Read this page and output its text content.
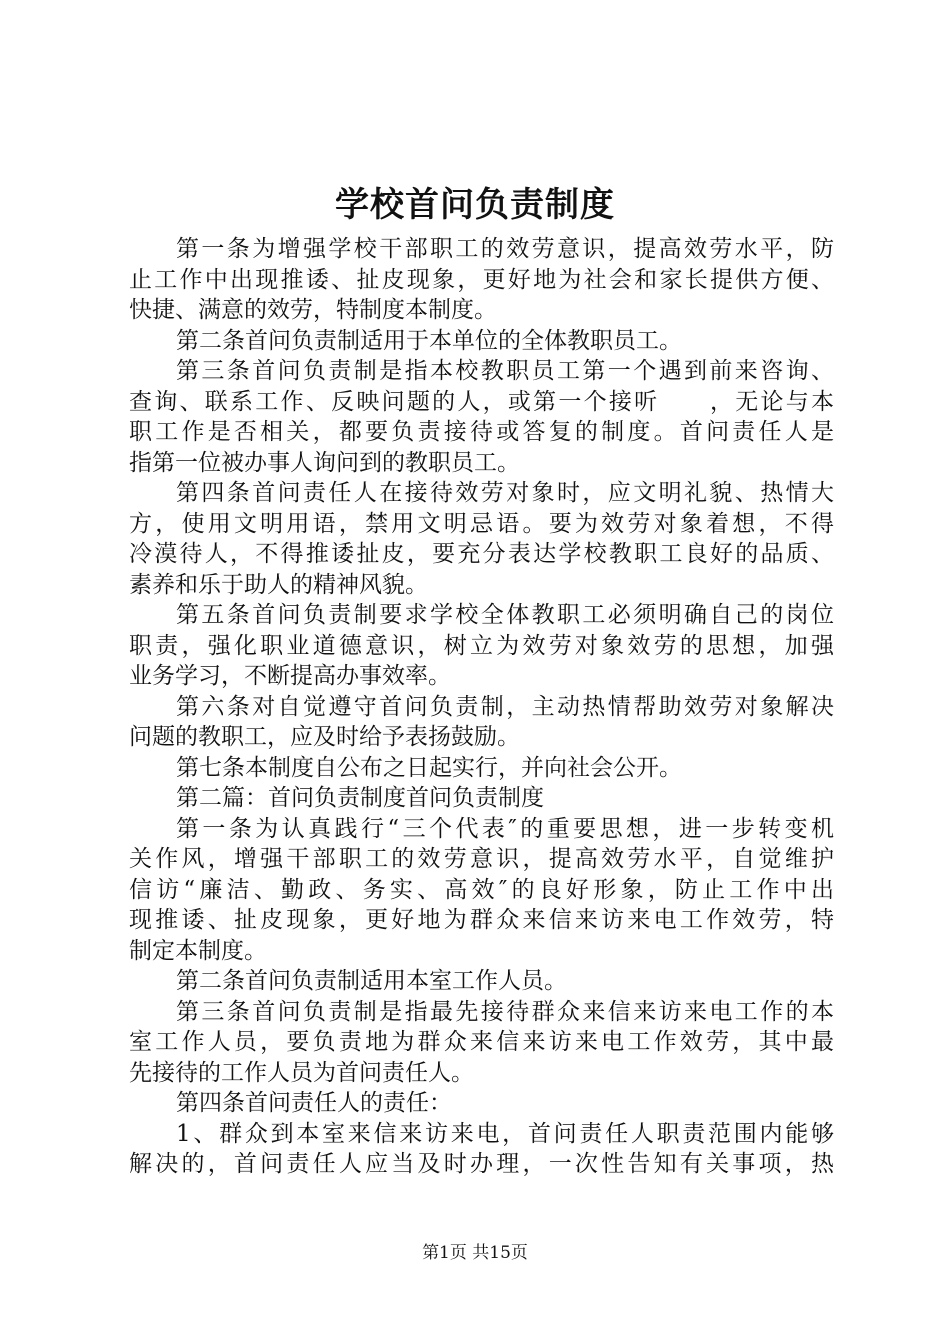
学校首问负责制度
第一条为增强学校干部职工的效劳意识，提高效劳水平，防
止工作中出现推诿、扯皮现象，更好地为社会和家长提供方便、
快捷、满意的效劳，特制度本制度。
第二条首问负责制适用于本单位的全体教职员工。
第三条首问负责制是指本校教职员工第一个遇到前来咨询、
查询、联系工作、反映问题的人，或第一个接听　　，无论与本
职工作是否相关，都要负责接待或答复的制度。首问责任人是
指第一位被办事人询问到的教职员工。
第四条首问责任人在接待效劳对象时，应文明礼貌、热情大
方，使用文明用语，禁用文明忌语。要为效劳对象着想，不得
冷漠待人，不得推诿扯皮，要充分表达学校教职工良好的品质、
素养和乐于助人的精神风貌。
第五条首问负责制要求学校全体教职工必须明确自己的岗位
职责，强化职业道德意识，树立为效劳对象效劳的思想，加强
业务学习，不断提高办事效率。
第六条对自觉遵守首问负责制，主动热情帮助效劳对象解决
问题的教职工，应及时给予表扬鼓励。
第七条本制度自公布之日起实行，并向社会公开。
第二篇：首问负责制度首问负责制度
第一条为认真践行“三个代表″的重要思想，进一步转变机
关作风，增强干部职工的效劳意识，提高效劳水平，自觉维护
信访“廉洁、勤政、务实、高效″的良好形象，防止工作中出
现推诿、扯皮现象，更好地为群众来信来访来电工作效劳，特
制定本制度。
第二条首问负责制适用本室工作人员。
第三条首问负责制是指最先接待群众来信来访来电工作的本
室工作人员，要负责地为群众来信来访来电工作效劳，其中最
先接待的工作人员为首问责任人。
第四条首问责任人的责任：
1、群众到本室来信来访来电，首问责任人职责范围内能够
解决的，首问责任人应当及时办理，一次性告知有关事项，热
第1页 共15页
